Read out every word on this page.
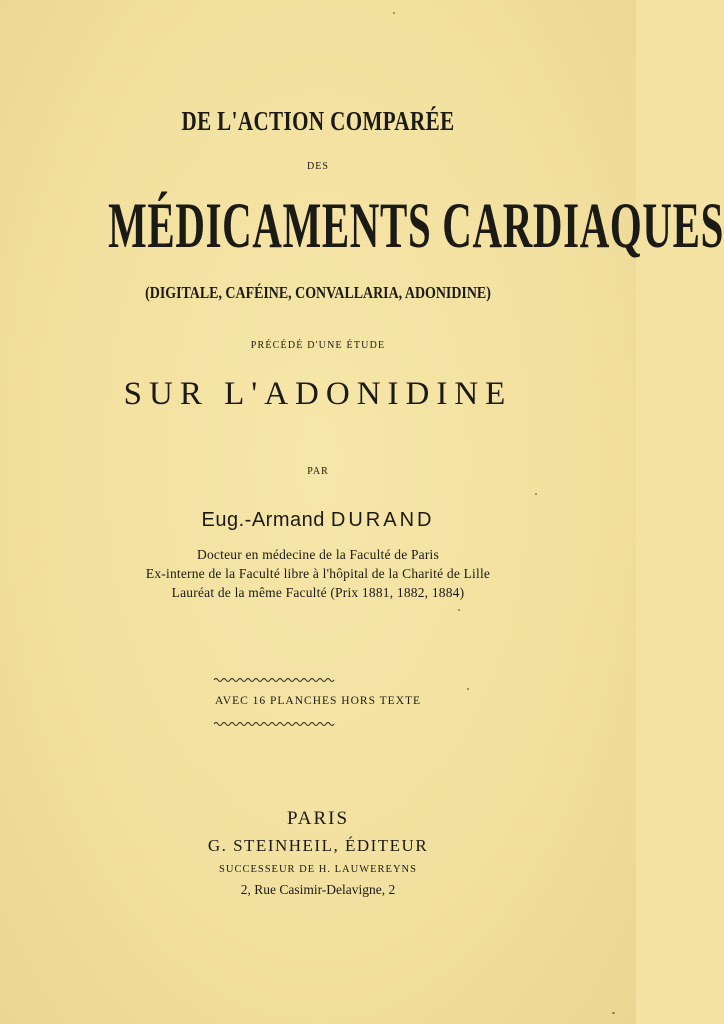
DE L'ACTION COMPARÉE
DES
MÉDICAMENTS CARDIAQUES
(DIGITALE, CAFÉINE, CONVALLARIA, ADONIDINE)
PRÉCÉDÉ D'UNE ÉTUDE
SUR L'ADONIDINE
PAR
Eug.-Armand DURAND
Docteur en médecine de la Faculté de Paris
Ex-interne de la Faculté libre à l'hôpital de la Charité de Lille
Lauréat de la même Faculté (Prix 1881, 1882, 1884)
AVEC 16 PLANCHES HORS TEXTE
PARIS
G. STEINHEIL, ÉDITEUR
SUCCESSEUR DE H. LAUWEREYNS
2, Rue Casimir-Delavigne, 2
